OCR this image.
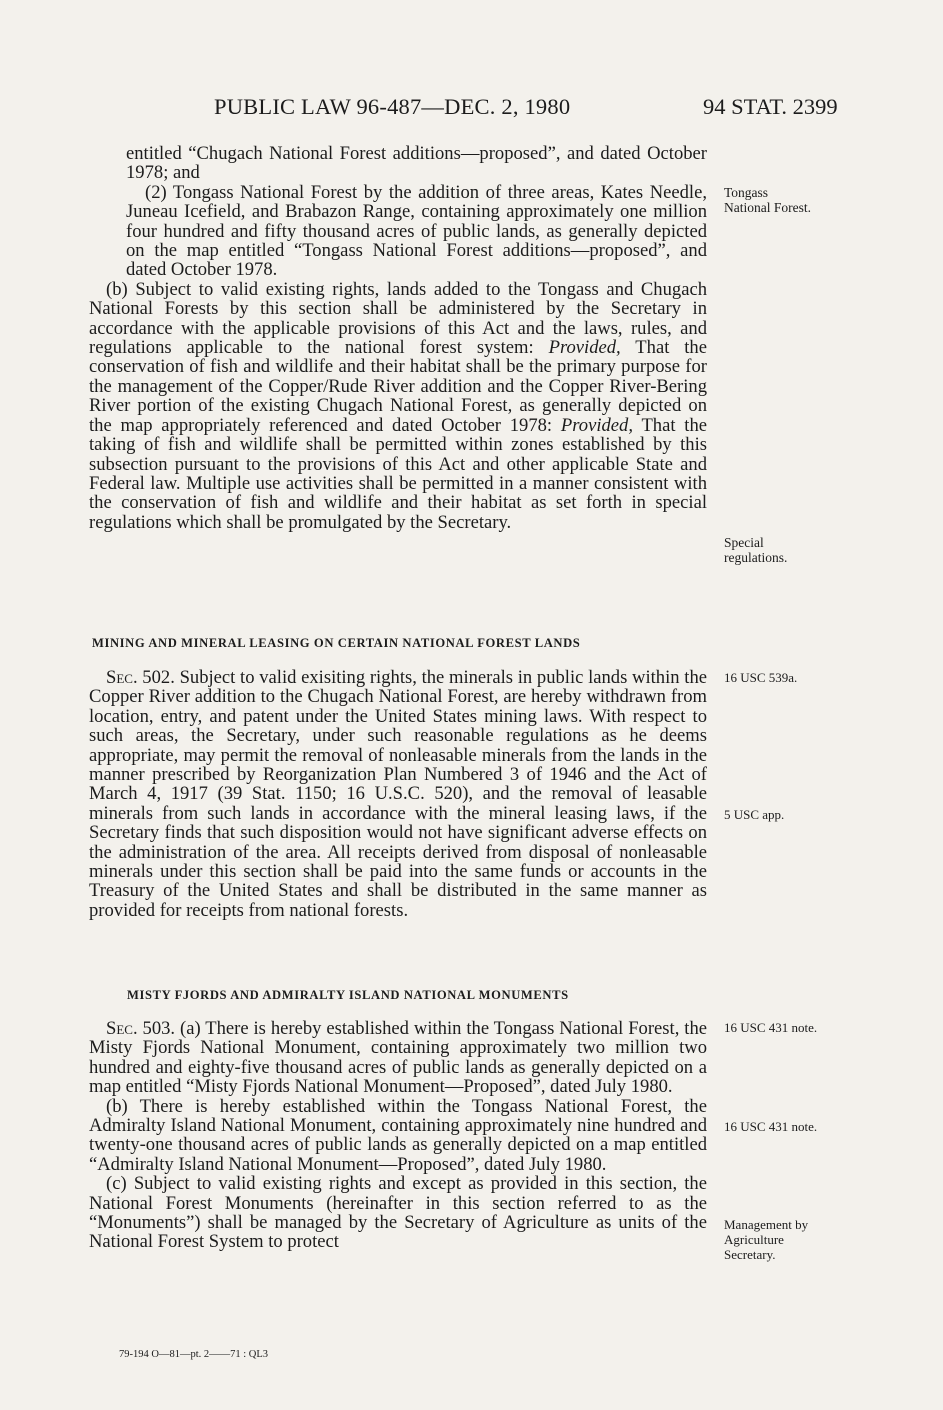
PUBLIC LAW 96-487—DEC. 2, 1980	94 STAT. 2399

entitled “Chugach National Forest additions—proposed”, and dated October 1978; and

(2) Tongass National Forest by the addition of three areas, Kates Needle, Juneau Icefield, and Brabazon Range, containing approximately one million four hundred and fifty thousand acres of public lands, as generally depicted on the map entitled “Tongass National Forest additions—proposed”, and dated October 1978.

(b) Subject to valid existing rights, lands added to the Tongass and Chugach National Forests by this section shall be administered by the Secretary in accordance with the applicable provisions of this Act and the laws, rules, and regulations applicable to the national forest system: Provided, That the conservation of fish and wildlife and their habitat shall be the primary purpose for the management of the Copper/Rude River addition and the Copper River-Bering River portion of the existing Chugach National Forest, as generally depicted on the map appropriately referenced and dated October 1978: Provided, That the taking of fish and wildlife shall be permitted within zones established by this subsection pursuant to the provisions of this Act and other applicable State and Federal law. Multiple use activities shall be permitted in a manner consistent with the conservation of fish and wildlife and their habitat as set forth in special regulations which shall be promulgated by the Secretary.

MINING AND MINERAL LEASING ON CERTAIN NATIONAL FOREST LANDS

Sec. 502. Subject to valid exisiting rights, the minerals in public lands within the Copper River addition to the Chugach National Forest, are hereby withdrawn from location, entry, and patent under the United States mining laws. With respect to such areas, the Secretary, under such reasonable regulations as he deems appropriate, may permit the removal of nonleasable minerals from the lands in the manner prescribed by Reorganization Plan Numbered 3 of 1946 and the Act of March 4, 1917 (39 Stat. 1150; 16 U.S.C. 520), and the removal of leasable minerals from such lands in accordance with the mineral leasing laws, if the Secretary finds that such disposition would not have significant adverse effects on the administration of the area. All receipts derived from disposal of nonleasable minerals under this section shall be paid into the same funds or accounts in the Treasury of the United States and shall be distributed in the same manner as provided for receipts from national forests.

MISTY FJORDS AND ADMIRALTY ISLAND NATIONAL MONUMENTS

Sec. 503. (a) There is hereby established within the Tongass National Forest, the Misty Fjords National Monument, containing approximately two million two hundred and eighty-five thousand acres of public lands as generally depicted on a map entitled “Misty Fjords National Monument—Proposed”, dated July 1980.

(b) There is hereby established within the Tongass National Forest, the Admiralty Island National Monument, containing approximately nine hundred and twenty-one thousand acres of public lands as generally depicted on a map entitled “Admiralty Island National Monument—Proposed”, dated July 1980.

(c) Subject to valid existing rights and except as provided in this section, the National Forest Monuments (hereinafter in this section referred to as the “Monuments”) shall be managed by the Secretary of Agriculture as units of the National Forest System to protect

Tongass
National Forest.
Special
regulations.
16 USC 539a.
5 USC app.
16 USC 431 note.
16 USC 431 note.
Management by
Agriculture
Secretary.
79-194 O—81—pt. 2——71 : QL3
